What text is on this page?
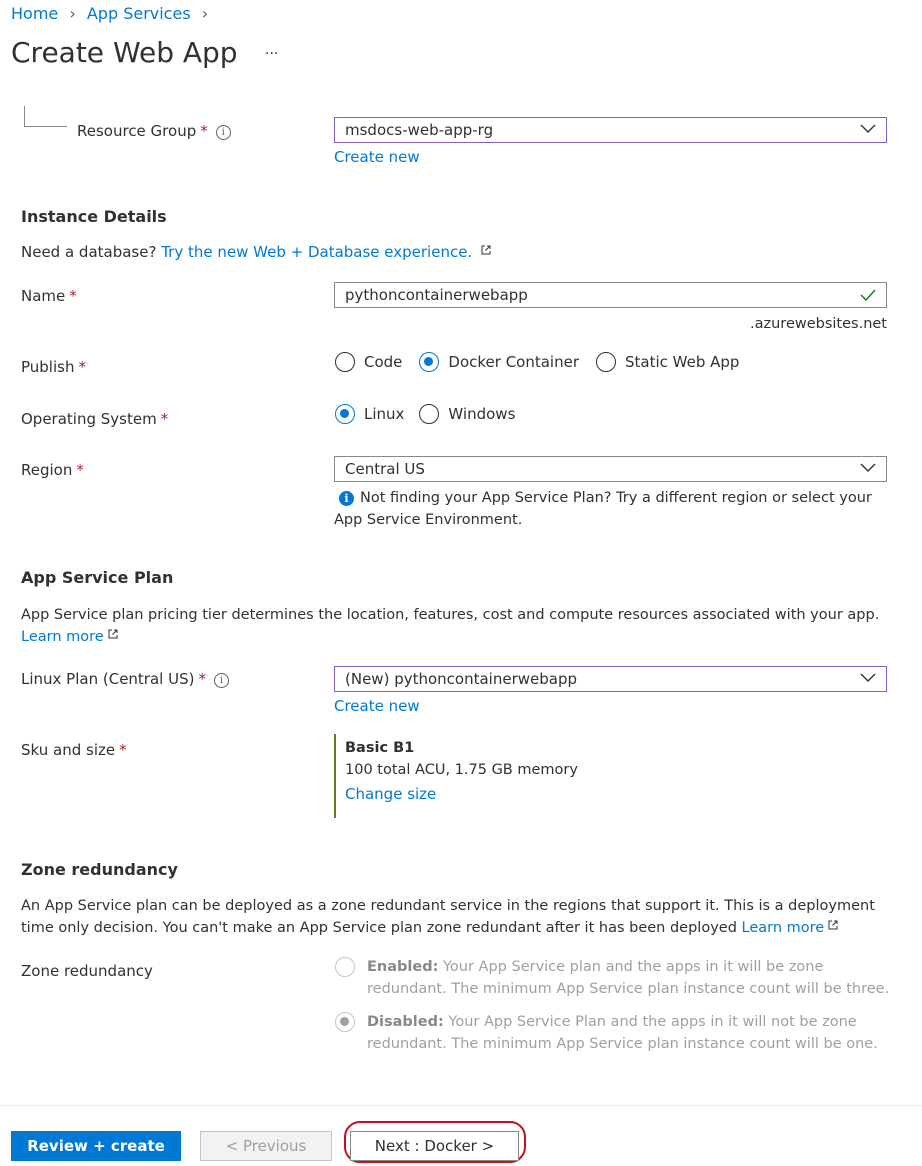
Home › App Services ›
Create Web App ···
Resource Group * i	msdocs-web-app-rg
Create new
Instance Details
Need a database? Try the new Web + Database experience.
Name *	pythoncontainerwebapp
.azurewebsites.net
Publish *	Code	Docker Container	Static Web App
Operating System *	Linux	Windows
Region *	Central US
i Not finding your App Service Plan? Try a different region or select your
App Service Environment.
App Service Plan
App Service plan pricing tier determines the location, features, cost and compute resources associated with your app.
Learn more
Linux Plan (Central US) * i	(New) pythoncontainerwebapp
Create new
Sku and size *	Basic B1
100 total ACU, 1.75 GB memory
Change size
Zone redundancy
An App Service plan can be deployed as a zone redundant service in the regions that support it. This is a deployment
time only decision. You can't make an App Service plan zone redundant after it has been deployed Learn more
Zone redundancy	Enabled: Your App Service plan and the apps in it will be zone
redundant. The minimum App Service plan instance count will be three.
Disabled: Your App Service Plan and the apps in it will not be zone
redundant. The minimum App Service plan instance count will be one.
Review + create	< Previous	Next : Docker >
